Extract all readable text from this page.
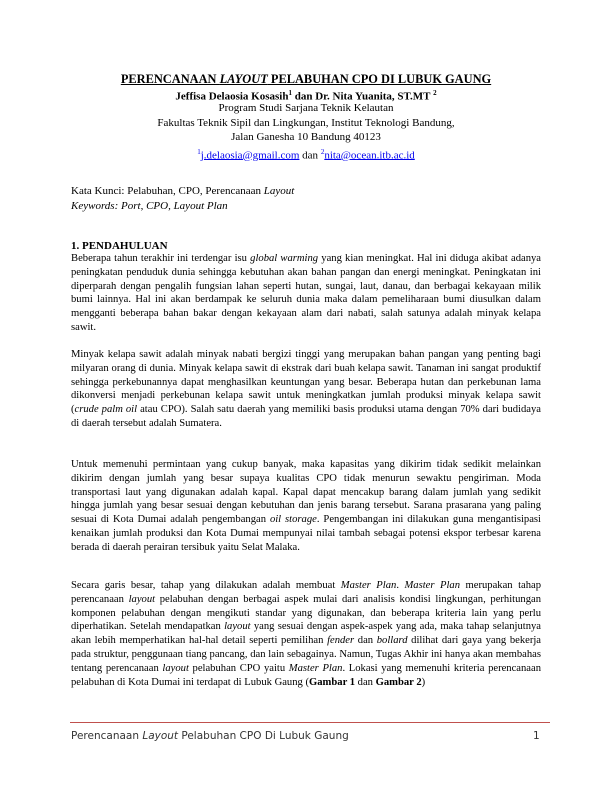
PERENCANAAN LAYOUT PELABUHAN CPO DI LUBUK GAUNG
Jeffisa Delaosia Kosasih$^1$ dan Dr. Nita Yuanita, ST.MT $^2$
Program Studi Sarjana Teknik Kelautan
Fakultas Teknik Sipil dan Lingkungan, Institut Teknologi Bandung,
Jalan Ganesha 10 Bandung 40123
$^1$j.delaosia@gmail.com dan $^2$nita@ocean.itb.ac.id
Kata Kunci: Pelabuhan, CPO, Perencanaan Layout
Keywords: Port, CPO, Layout Plan
1. PENDAHULUAN

Beberapa tahun terakhir ini terdengar isu global warming yang kian meningkat. Hal ini diduga akibat adanya peningkatan penduduk dunia sehingga kebutuhan akan bahan pangan dan energi meningkat. Peningkatan ini diperparah dengan pengalih fungsian lahan seperti hutan, sungai, laut, danau, dan berbagai kekayaan milik bumi lainnya. Hal ini akan berdampak ke seluruh dunia maka dalam pemeliharaan bumi diusulkan dalam mengganti beberapa bahan bakar dengan kekayaan alam dari nabati, salah satunya adalah minyak kelapa sawit.

Minyak kelapa sawit adalah minyak nabati bergizi tinggi yang merupakan bahan pangan yang penting bagi milyaran orang di dunia. Minyak kelapa sawit di ekstrak dari buah kelapa sawit. Tanaman ini sangat produktif sehingga perkebunannya dapat menghasilkan keuntungan yang besar. Beberapa hutan dan perkebunan lama dikonversi menjadi perkebunan kelapa sawit untuk meningkatkan jumlah produksi minyak kelapa sawit (crude palm oil atau CPO). Salah satu daerah yang memiliki basis produksi utama dengan 70% dari budidaya di daerah tersebut adalah Sumatera.

Untuk memenuhi permintaan yang cukup banyak, maka kapasitas yang dikirim tidak sedikit melainkan dikirim dengan jumlah yang besar supaya kualitas CPO tidak menurun sewaktu pengiriman. Moda transportasi laut yang digunakan adalah kapal. Kapal dapat mencakup barang dalam jumlah yang sedikit hingga jumlah yang besar sesuai dengan kebutuhan dan jenis barang tersebut. Sarana prasarana yang paling sesuai di Kota Dumai adalah pengembangan oil storage. Pengembangan ini dilakukan guna mengantisipasi kenaikan jumlah produksi dan Kota Dumai mempunyai nilai tambah sebagai potensi ekspor terbesar karena berada di daerah perairan tersibuk yaitu Selat Malaka.

Secara garis besar, tahap yang dilakukan adalah membuat Master Plan. Master Plan merupakan tahap perencanaan layout pelabuhan dengan berbagai aspek mulai dari analisis kondisi lingkungan, perhitungan komponen pelabuhan dengan mengikuti standar yang digunakan, dan beberapa kriteria lain yang perlu diperhatikan. Setelah mendapatkan layout yang sesuai dengan aspek-aspek yang ada, maka tahap selanjutnya akan lebih memperhatikan hal-hal detail seperti pemilihan fender dan bollard dilihat dari gaya yang bekerja pada struktur, penggunaan tiang pancang, dan lain sebagainya. Namun, Tugas Akhir ini hanya akan membahas tentang perencanaan layout pelabuhan CPO yaitu Master Plan. Lokasi yang memenuhi kriteria perencanaan pelabuhan di Kota Dumai ini terdapat di Lubuk Gaung (Gambar 1 dan Gambar 2)

Perencanaan Layout Pelabuhan CPO Di Lubuk Gaung	1
